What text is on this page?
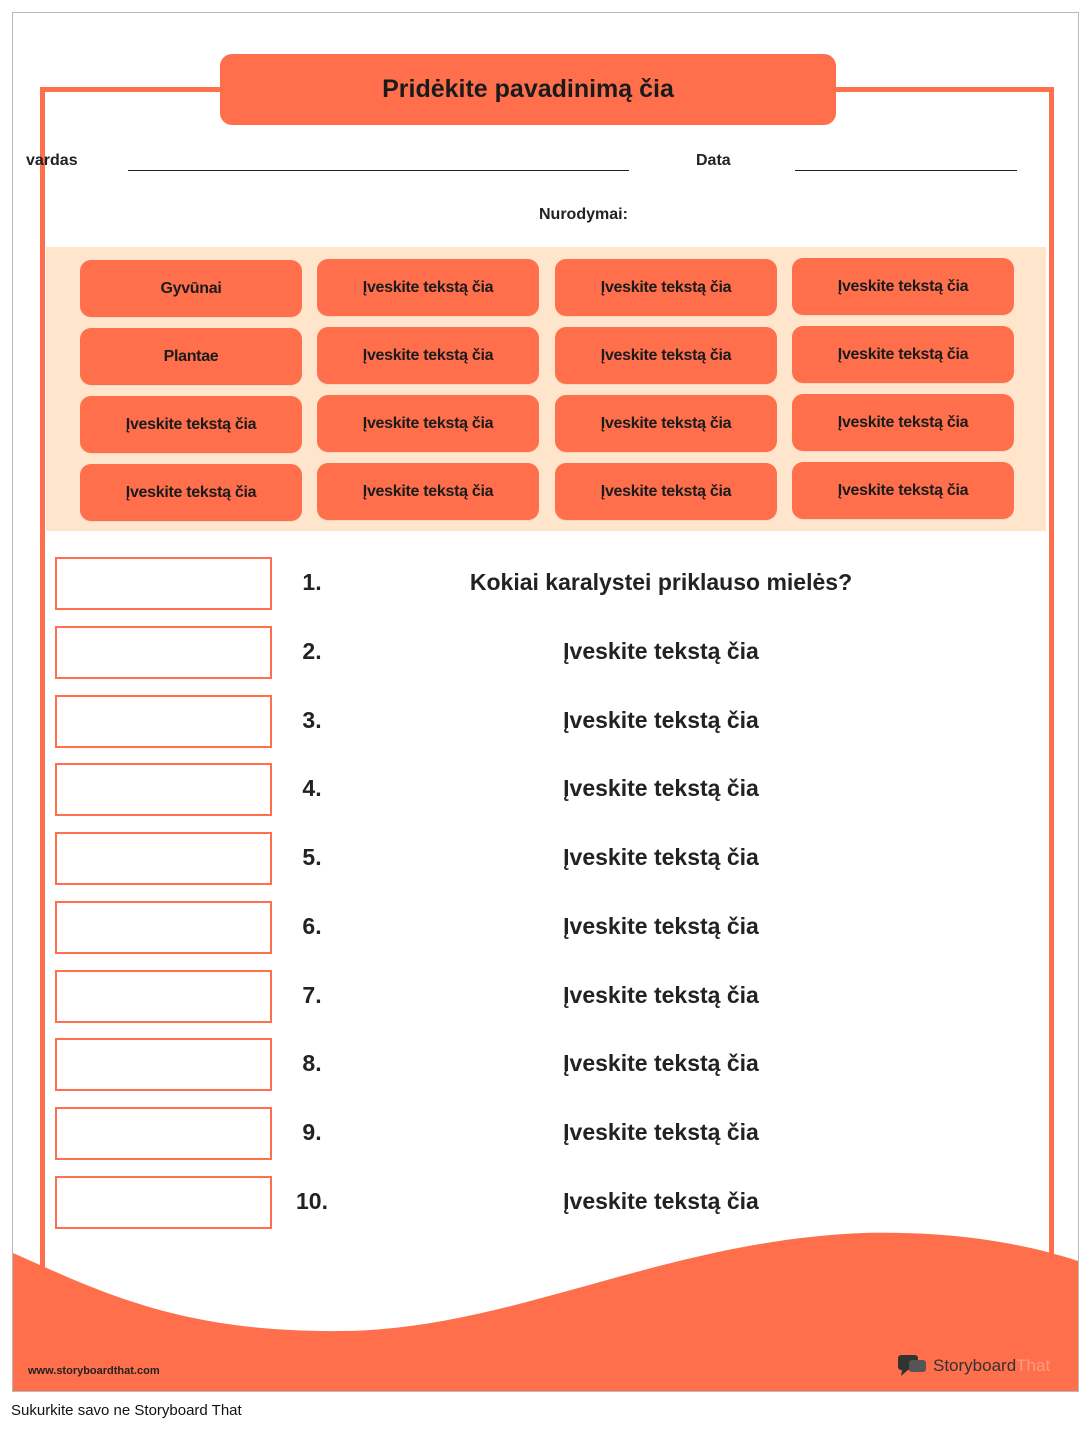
Pridėkite pavadinimą čia
vardas	Data
Nurodymai:
Gyvūnai	Įveskite tekstą čia	Įveskite tekstą čia	Įveskite tekstą čia
Plantae	Įveskite tekstą čia	Įveskite tekstą čia	Įveskite tekstą čia
Įveskite tekstą čia	Įveskite tekstą čia	Įveskite tekstą čia	Įveskite tekstą čia
Įveskite tekstą čia	Įveskite tekstą čia	Įveskite tekstą čia	Įveskite tekstą čia
1.	Kokiai karalystei priklauso mielės?
2.	Įveskite tekstą čia
3.	Įveskite tekstą čia
4.	Įveskite tekstą čia
5.	Įveskite tekstą čia
6.	Įveskite tekstą čia
7.	Įveskite tekstą čia
8.	Įveskite tekstą čia
9.	Įveskite tekstą čia
10.	Įveskite tekstą čia
www.storyboardthat.com	StoryboardThat
Sukurkite savo ne Storyboard That
